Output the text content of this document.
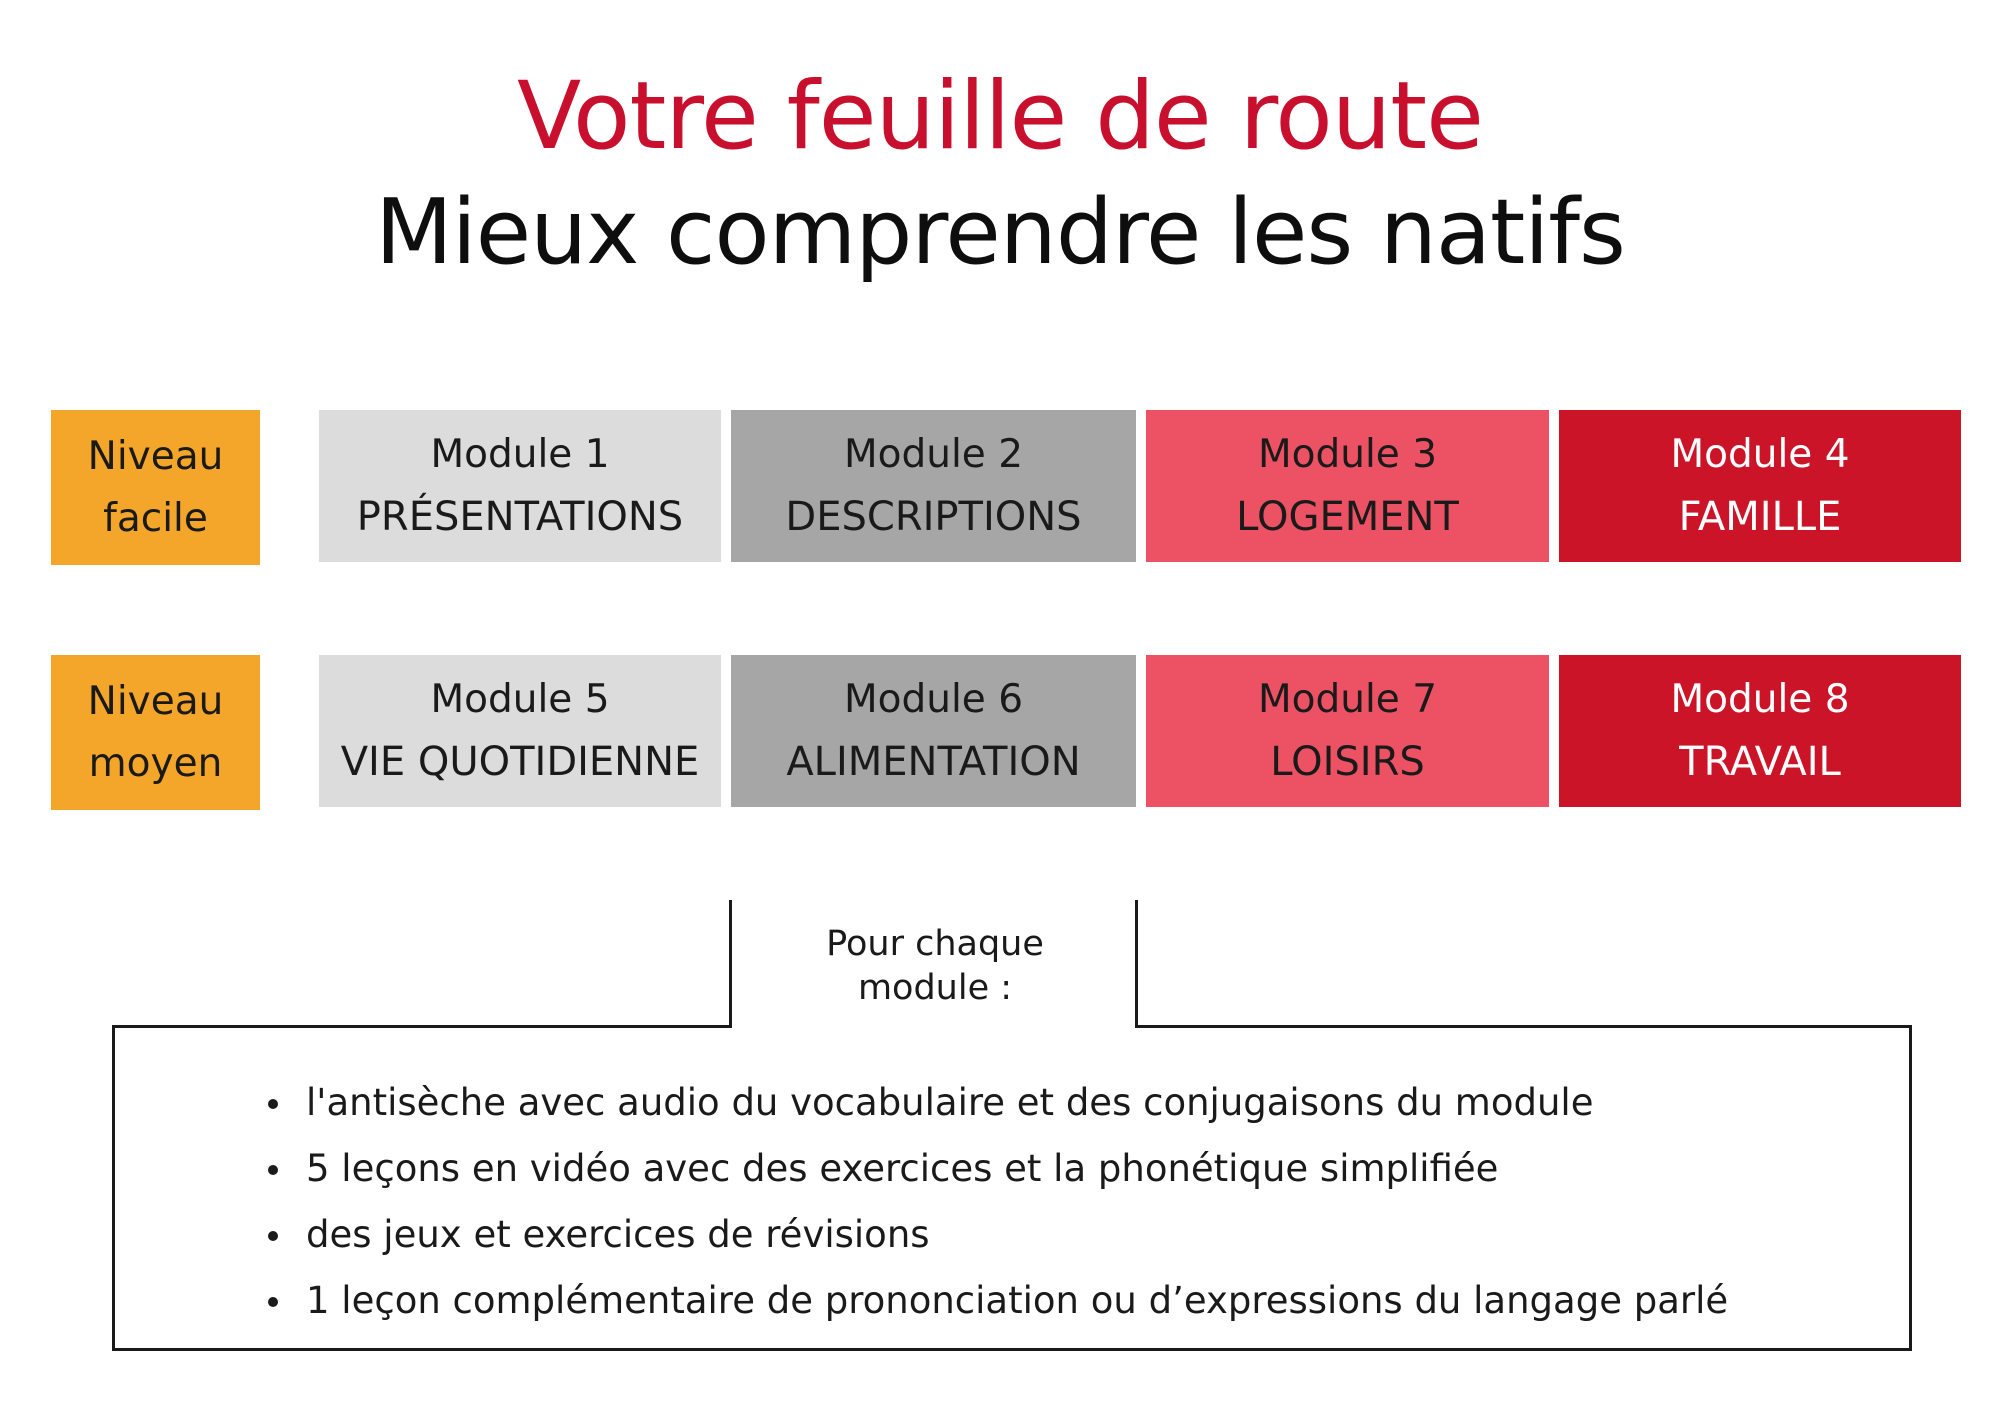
Votre feuille de route
Mieux comprendre les natifs
Niveau
facile
Module 1
PRÉSENTATIONS
Module 2
DESCRIPTIONS
Module 3
LOGEMENT
Module 4
FAMILLE
Niveau
moyen
Module 5
VIE QUOTIDIENNE
Module 6
ALIMENTATION
Module 7
LOISIRS
Module 8
TRAVAIL
Pour chaque
module :
l'antisèche avec audio du vocabulaire et des conjugaisons du module
5 leçons en vidéo avec des exercices et la phonétique simplifiée
des jeux et exercices de révisions
1 leçon complémentaire de prononciation ou d’expressions du langage parlé
